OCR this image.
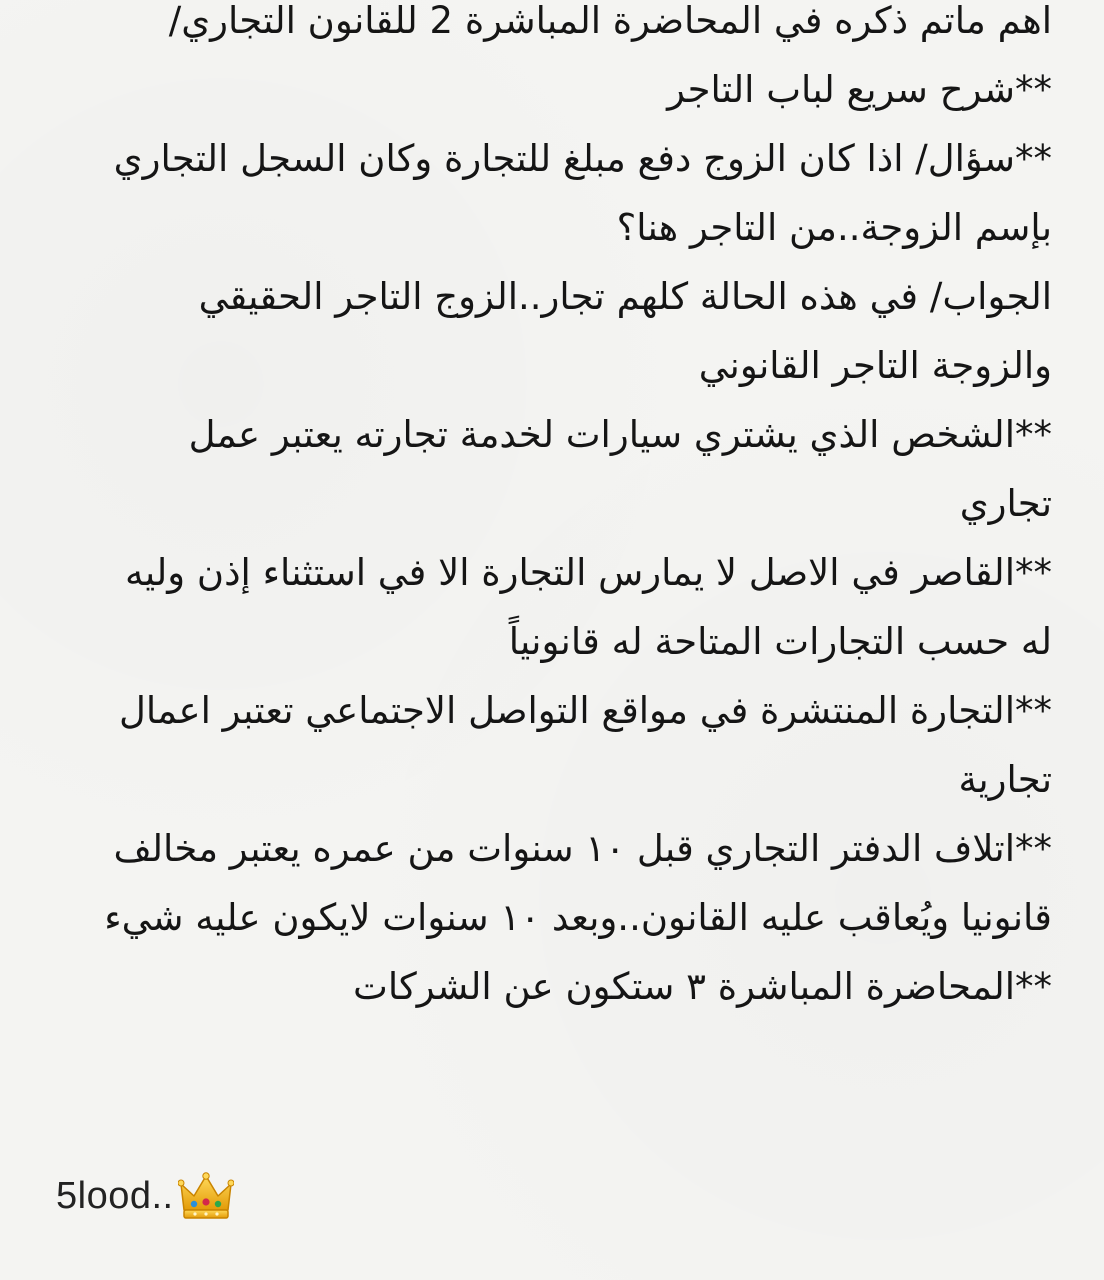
اهم ماتم ذكره في المحاضرة المباشرة 2 للقانون التجاري/
**شرح سريع لباب التاجر
**سؤال/ اذا كان الزوج دفع مبلغ للتجارة وكان السجل التجاري
بإسم الزوجة..من التاجر هنا؟
الجواب/ في هذه الحالة كلهم تجار..الزوج التاجر الحقيقي
والزوجة التاجر القانوني
**الشخص الذي يشتري سيارات لخدمة تجارته يعتبر عمل
تجاري
**القاصر في الاصل لا يمارس التجارة الا في استثناء إذن وليه
له حسب التجارات المتاحة له قانونياً
**التجارة المنتشرة في مواقع التواصل الاجتماعي تعتبر اعمال
تجارية
**اتلاف الدفتر التجاري قبل ١٠ سنوات من عمره يعتبر مخالف
قانونيا ويُعاقب عليه القانون..وبعد ١٠ سنوات لايكون عليه شيء
**المحاضرة المباشرة ٣ ستكون عن الشركات
5lood..
